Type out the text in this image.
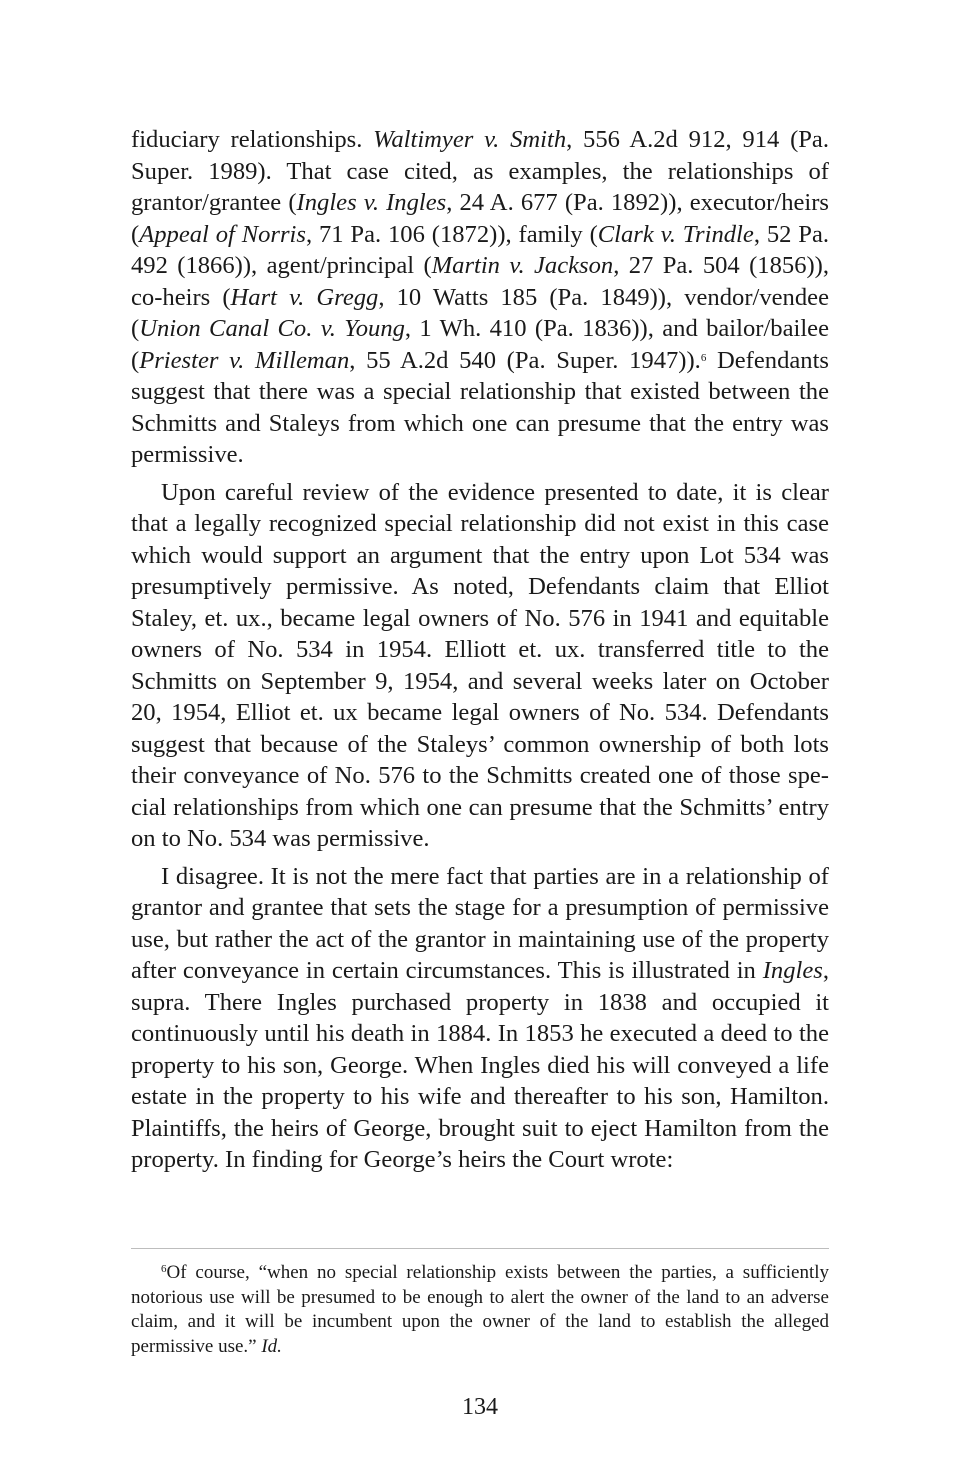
fiduciary relationships. Waltimyer v. Smith, 556 A.2d 912, 914 (Pa. Super. 1989). That case cited, as examples, the relationships of grantor/grantee (Ingles v. Ingles, 24 A. 677 (Pa. 1892)), executor/heirs (Appeal of Norris, 71 Pa. 106 (1872)), family (Clark v. Trindle, 52 Pa. 492 (1866)), agent/principal (Martin v. Jackson, 27 Pa. 504 (1856)), co-heirs (Hart v. Gregg, 10 Watts 185 (Pa. 1849)), vendor/vendee (Union Canal Co. v. Young, 1 Wh. 410 (Pa. 1836)), and bailor/bailee (Priester v. Milleman, 55 A.2d 540 (Pa. Super. 1947)).$^6$ Defendants suggest that there was a special relationship that existed between the Schmitts and Staleys from which one can presume that the entry was permissive.

Upon careful review of the evidence presented to date, it is clear that a legally recognized special relationship did not exist in this case which would support an argument that the entry upon Lot 534 was presumptively permissive. As noted, Defendants claim that Elliot Staley, et. ux., became legal owners of No. 576 in 1941 and equitable owners of No. 534 in 1954. Elliott et. ux. transferred title to the Schmitts on September 9, 1954, and several weeks later on October 20, 1954, Elliot et. ux became legal owners of No. 534. Defendants suggest that because of the Staleys’ common ownership of both lots their conveyance of No. 576 to the Schmitts created one of those special relationships from which one can presume that the Schmitts’ entry on to No. 534 was permissive.

I disagree. It is not the mere fact that parties are in a relationship of grantor and grantee that sets the stage for a presumption of permissive use, but rather the act of the grantor in maintaining use of the property after conveyance in certain circumstances. This is illustrated in Ingles, supra. There Ingles purchased property in 1838 and occupied it continuously until his death in 1884. In 1853 he executed a deed to the property to his son, George. When Ingles died his will conveyed a life estate in the property to his wife and thereafter to his son, Hamilton. Plaintiffs, the heirs of George, brought suit to eject Hamilton from the property. In finding for George’s heirs the Court wrote:

$^6$Of course, “when no special relationship exists between the parties, a sufficiently notorious use will be presumed to be enough to alert the owner of the land to an adverse claim, and it will be incumbent upon the owner of the land to establish the alleged permissive use.” Id.

134
